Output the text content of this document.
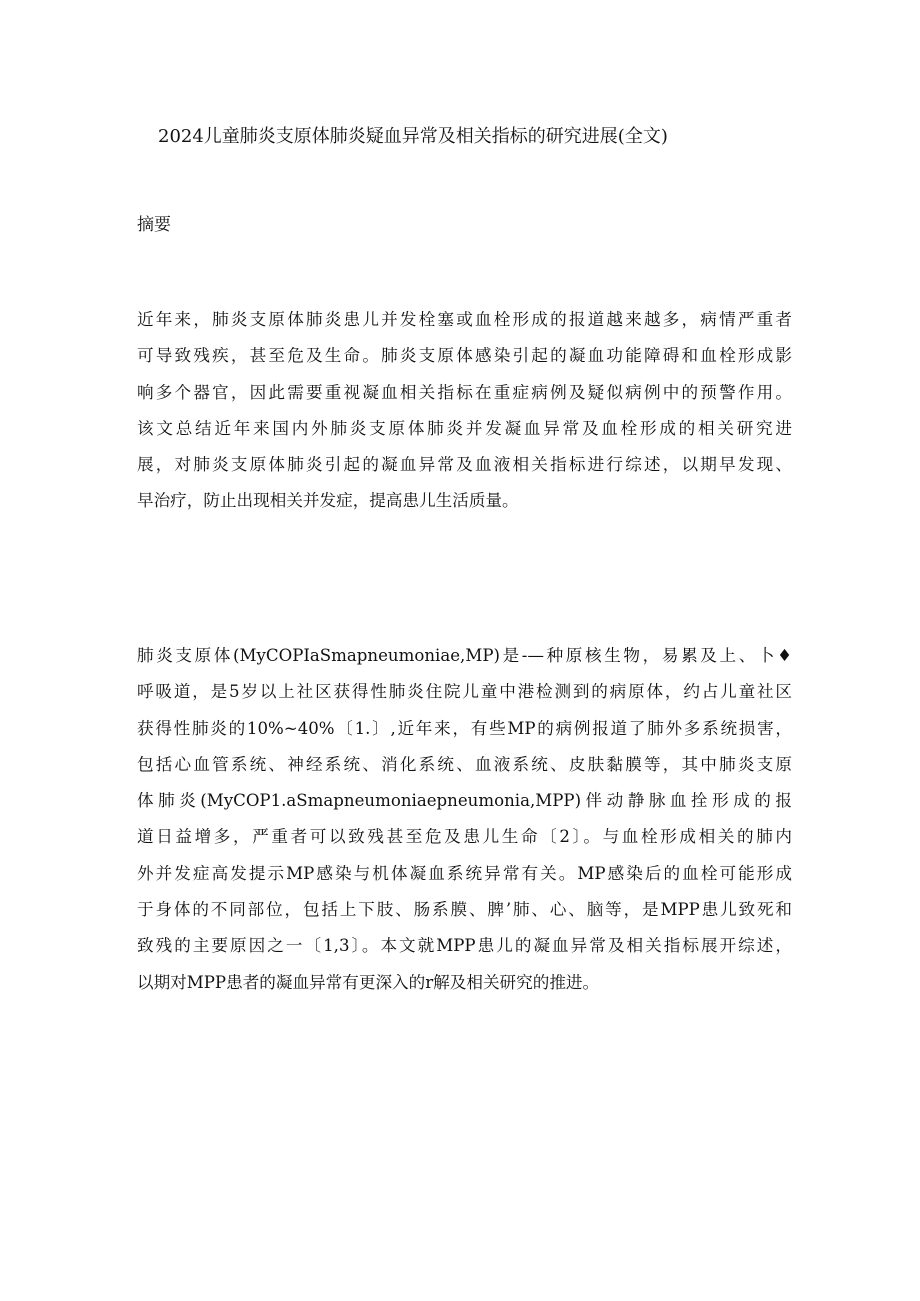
2024儿童肺炎支原体肺炎疑血异常及相关指标的研究进展(全文)
摘要
近年来，肺炎支原体肺炎患儿并发栓塞或血栓形成的报道越来越多，病情严重者
可导致残疾，甚至危及生命。肺炎支原体感染引起的凝血功能障碍和血栓形成影
响多个器官，因此需要重视凝血相关指标在重症病例及疑似病例中的预警作用。
该文总结近年来国内外肺炎支原体肺炎并发凝血异常及血栓形成的相关研究进
展，对肺炎支原体肺炎引起的凝血异常及血液相关指标进行综述，以期早发现、
早治疗，防止出现相关并发症，提高患儿生活质量。
肺炎支原体(MyCOPIaSmapneumoniae,MP)是-—种原核生物，易累及上、卜♦
呼吸道，是5岁以上社区获得性肺炎住院儿童中港检测到的病原体，约占儿童社区
获得性肺炎的10%~40%〔1.〕,近年来，有些MP的病例报道了肺外多系统损害，
包括心血管系统、神经系统、消化系统、血液系统、皮肤黏膜等，其中肺炎支原
体肺炎(MyCOP1.aSmapneumoniaepneumonia,MPP)伴动静脉血拴形成的报
道日益增多，严重者可以致残甚至危及患儿生命〔2〕。与血栓形成相关的肺内
外并发症高发提示MP感染与机体凝血系统异常有关。MP感染后的血栓可能形成
于身体的不同部位，包括上下肢、肠系膜、脾’肺、心、脑等，是MPP患儿致死和
致残的主要原因之一〔1,3〕。本文就MPP患儿的凝血异常及相关指标展开综述，
以期对MPP患者的凝血异常有更深入的r解及相关研究的推进。
